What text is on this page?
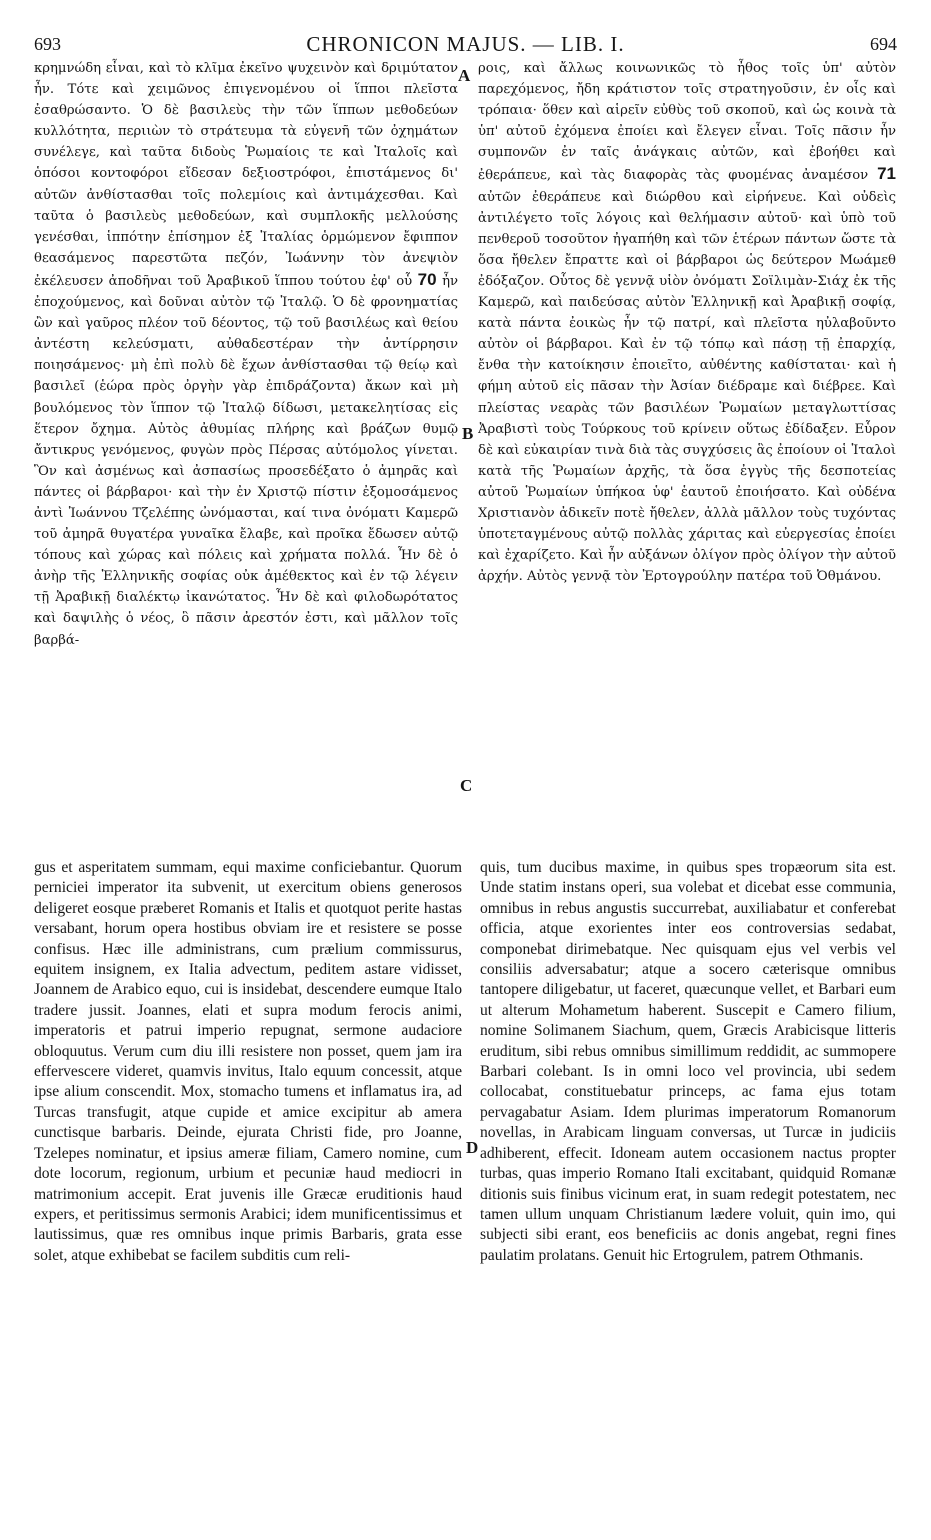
693	CHRONICON MAJUS. — LIB. I.	694

κρημνώδη εἶναι, καὶ τὸ κλῖμα ἐκεῖνο ψυχεινὸν καὶ δριμύτατον ἦν. Τότε καὶ χειμῶνος ἐπιγενομένου οἱ ἵπποι πλεῖστα ἐσαθρώσαντο. Ὁ δὲ βασιλεὺς τὴν τῶν ἵππων μεθοδεύων κυλλότητα, περιιὼν τὸ στράτευμα τὰ εὐγενῆ τῶν ὀχημάτων συνέλεγε, καὶ ταῦτα διδοὺς Ῥωμαίοις τε καὶ Ἰταλοῖς καὶ ὁπόσοι κοντοφόροι εἴδεσαν δεξιοστρόφοι, ἐπιστάμενος δι' αὐτῶν ἀνθίστασθαι τοῖς πολεμίοις καὶ ἀντιμάχεσθαι. Καὶ ταῦτα ὁ βασιλεὺς μεθοδεύων, καὶ συμπλοκῆς μελλούσης γενέσθαι, ἱππότην ἐπίσημον ἐξ Ἰταλίας ὁρμώμενον ἔφιππον θεασάμενος παρεστῶτα πεζόν, Ἰωάννην τὸν ἀνεψιὸν ἐκέλευσεν ἀποδῆναι τοῦ Ἀραβικοῦ ἵππου τούτου ἐφ' οὗ 70 ἦν ἐποχούμενος, καὶ δοῦναι αὐτὸν τῷ Ἰταλῷ. Ὁ δὲ φρονηματίας ὢν καὶ γαῦρος πλέον τοῦ δέοντος, τῷ τοῦ βασιλέως καὶ θείου ἀντέστη κελεύσματι, αὐθαδεστέραν τὴν ἀντίρρησιν ποιησάμενος· μὴ ἐπὶ πολὺ δὲ ἔχων ἀνθίστασθαι τῷ θείῳ καὶ βασιλεῖ (ἑώρα πρὸς ὀργὴν γὰρ ἐπιδράζοντα) ἄκων καὶ μὴ βουλόμενος τὸν ἵππον τῷ Ἰταλῷ δίδωσι, μετακελητίσας εἰς ἕτερον ὄχημα. Αὐτὸς ἀθυμίας πλήρης καὶ βράζων θυμῷ ἄντικρυς γενόμενος, φυγὼν πρὸς Πέρσας αὐτόμολος γίνεται. Ὃν καὶ ἀσμένως καὶ ἀσπασίως προσεδέξατο ὁ ἀμηρᾶς καὶ πάντες οἱ βάρβαροι· καὶ τὴν ἐν Χριστῷ πίστιν ἐξομοσάμενος ἀντὶ Ἰωάννου Τζελέπης ὠνόμασται, καί τινα ὀνόματι Καμερῶ τοῦ ἀμηρᾶ θυγατέρα γυναῖκα ἔλαβε, καὶ προῖκα ἔδωσεν αὐτῷ τόπους καὶ χώρας καὶ πόλεις καὶ χρήματα πολλά. Ἦν δὲ ὁ ἀνὴρ τῆς Ἑλληνικῆς σοφίας οὐκ ἀμέθεκτος καὶ ἐν τῷ λέγειν τῇ Ἀραβικῇ διαλέκτῳ ἱκανώτατος. Ἦν δὲ καὶ φιλοδωρότατος καὶ δαψιλὴς ὁ νέος, ὃ πᾶσιν ἀρεστόν ἐστι, καὶ μᾶλλον τοῖς βαρβά-

ροις, καὶ ἄλλως κοινωνικῶς τὸ ἦθος τοῖς ὑπ' αὐτὸν παρεχόμενος, ἤδη κράτιστον τοῖς στρατηγοῦσιν, ἐν οἷς καὶ τρόπαια· ὅθεν καὶ αἱρεῖν εὐθὺς τοῦ σκοποῦ, καὶ ὡς κοινὰ τὰ ὑπ' αὐτοῦ ἐχόμενα ἐποίει καὶ ἔλεγεν εἶναι. Τοῖς πᾶσιν ἦν συμπονῶν ἐν ταῖς ἀνάγκαις αὐτῶν, καὶ ἐβοήθει καὶ ἐθεράπευε, καὶ τὰς διαφορὰς τὰς φυομένας ἀναμέσον 71 αὐτῶν ἐθεράπευε καὶ διώρθου καὶ εἰρήνευε. Καὶ οὐδεὶς ἀντιλέγετο τοῖς λόγοις καὶ θελήμασιν αὐτοῦ· καὶ ὑπὸ τοῦ πενθεροῦ τοσοῦτον ἠγαπήθη καὶ τῶν ἑτέρων πάντων ὥστε τὰ ὅσα ἤθελεν ἔπραττε καὶ οἱ βάρβαροι ὡς δεύτερον Μωάμεθ ἐδόξαζον. Οὗτος δὲ γεννᾷ υἱὸν ὀνόματι Σοϊλιμὰν-Σιάχ ἐκ τῆς Καμερῶ, καὶ παιδεύσας αὐτὸν Ἑλληνικῇ καὶ Ἀραβικῇ σοφίᾳ, κατὰ πάντα ἐοικὼς ἦν τῷ πατρί, καὶ πλεῖστα ηὐλαβοῦντο αὐτὸν οἱ βάρβαροι. Καὶ ἐν τῷ τόπῳ καὶ πάσῃ τῇ ἐπαρχίᾳ, ἔνθα τὴν κατοίκησιν ἐποιεῖτο, αὐθέντης καθίσταται· καὶ ἡ φήμη αὐτοῦ εἰς πᾶσαν τὴν Ἀσίαν διέδραμε καὶ διέβρεε. Καὶ πλείστας νεαρὰς τῶν βασιλέων Ῥωμαίων μεταγλωττίσας Ἀραβιστὶ τοὺς Τούρκους τοῦ κρίνειν οὕτως ἐδίδαξεν. Εὗρον δὲ καὶ εὐκαιρίαν τινὰ διὰ τὰς συγχύσεις ἃς ἐποίουν οἱ Ἰταλοὶ κατὰ τῆς Ῥωμαίων ἀρχῆς, τὰ ὅσα ἐγγὺς τῆς δεσποτείας αὐτοῦ Ῥωμαίων ὑπήκοα ὑφ' ἑαυτοῦ ἐποιήσατο. Καὶ οὐδένα Χριστιανὸν ἀδικεῖν ποτὲ ἤθελεν, ἀλλὰ μᾶλλον τοὺς τυχόντας ὑποτεταγμένους αὐτῷ πολλὰς χάριτας καὶ εὐεργεσίας ἐποίει καὶ ἐχαρίζετο. Καὶ ἦν αὐξάνων ὀλίγον πρὸς ὀλίγον τὴν αὐτοῦ ἀρχήν. Αὐτὸς γεννᾷ τὸν Ἐρτογρούλην πατέρα τοῦ Ὀθμάνου.

A
B
C
D

gus et asperitatem summam, equi maxime conficiebantur. Quorum perniciei imperator ita subvenit, ut exercitum obiens generosos deligeret eosque præberet Romanis et Italis et quotquot perite hastas versabant, horum opera hostibus obviam ire et resistere se posse confisus. Hæc ille administrans, cum prælium commissurus, equitem insignem, ex Italia advectum, peditem astare vidisset, Joannem de Arabico equo, cui is insidebat, descendere eumque Italo tradere jussit. Joannes, elati et supra modum ferocis animi, imperatoris et patrui imperio repugnat, sermone audaciore obloquutus. Verum cum diu illi resistere non posset, quem jam ira effervescere videret, quamvis invitus, Italo equum concessit, atque ipse alium conscendit. Mox, stomacho tumens et inflamatus ira, ad Turcas transfugit, atque cupide et amice excipitur ab amera cunctisque barbaris. Deinde, ejurata Christi fide, pro Joanne, Tzelepes nominatur, et ipsius ameræ filiam, Camero nomine, cum dote locorum, regionum, urbium et pecuniæ haud mediocri in matrimonium accepit. Erat juvenis ille Græcæ eruditionis haud expers, et peritissimus sermonis Arabici; idem munificentissimus et lautissimus, quæ res omnibus inque primis Barbaris, grata esse solet, atque exhibebat se facilem subditis cum reli-

quis, tum ducibus maxime, in quibus spes tropæorum sita est. Unde statim instans operi, sua volebat et dicebat esse communia, omnibus in rebus angustis succurrebat, auxiliabatur et conferebat officia, atque exorientes inter eos controversias sedabat, componebat dirimebatque. Nec quisquam ejus vel verbis vel consiliis adversabatur; atque a socero cæterisque omnibus tantopere diligebatur, ut faceret, quæcunque vellet, et Barbari eum ut alterum Mohametum haberent. Suscepit e Camero filium, nomine Solimanem Siachum, quem, Græcis Arabicisque litteris eruditum, sibi rebus omnibus simillimum reddidit, ac summopere Barbari colebant. Is in omni loco vel provincia, ubi sedem collocabat, constituebatur princeps, ac fama ejus totam pervagabatur Asiam. Idem plurimas imperatorum Romanorum novellas, in Arabicam linguam conversas, ut Turcæ in judiciis adhiberent, effecit. Idoneam autem occasionem nactus propter turbas, quas imperio Romano Itali excitabant, quidquid Romanæ ditionis suis finibus vicinum erat, in suam redegit potestatem, nec tamen ullum unquam Christianum lædere voluit, quin imo, qui subjecti sibi erant, eos beneficiis ac donis angebat, regni fines paulatim prolatans. Genuit hic Ertogrulem, patrem Othmanis.
